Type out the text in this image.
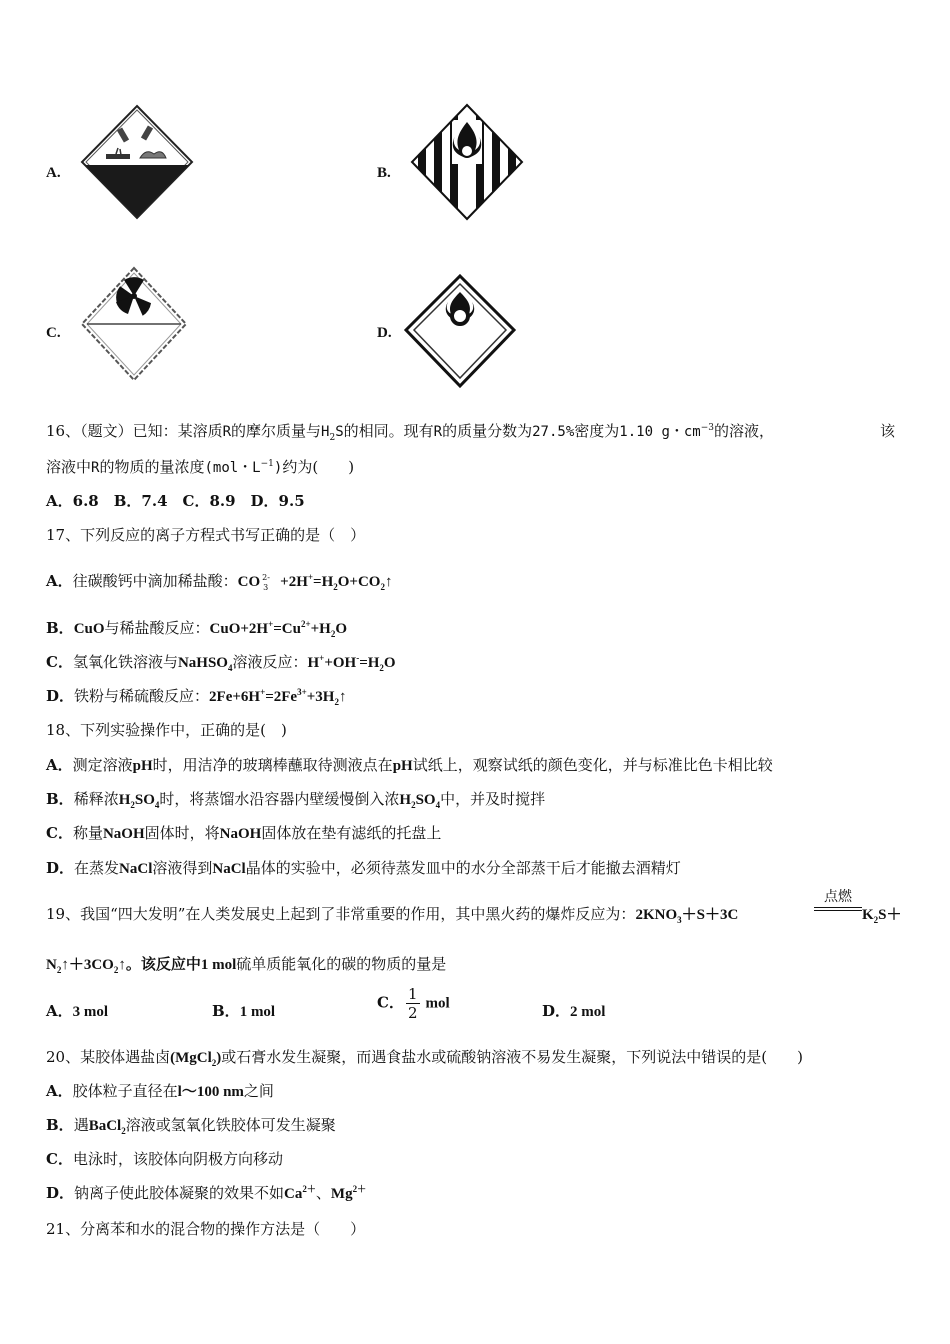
A.	B.
C.	D.
16、（题文）已知：某溶质R的摩尔质量与$H_2S$的相同。现有R的质量分数为27.5%密度为1.10 g・$cm^{-3}$的溶液，	该
溶液中R的物质的量浓度(mol・$L^{-1}$)约为(　　)
A．6.8　B．7.4　C．8.9　D．9.5
17、下列反应的离子方程式书写正确的是（　）
A．往碳酸钙中滴加稀盐酸：CO 2-
$3 +2H^+=H_2O+CO_2↑$
B．CuO与稀盐酸反应：$CuO+2H^+=Cu^{2+}+H_2O$
C．氢氧化铁溶液与NaHSO$_4$溶液反应：$H^++OH^-=H_2O$
D．铁粉与稀硫酸反应：$2Fe+6H^+=2Fe^{3+}+3H_2↑$
18、下列实验操作中，正确的是(　)
A．测定溶液pH时，用洁净的玻璃棒蘸取待测液点在pH试纸上，观察试纸的颜色变化，并与标准比色卡相比较
B．稀释浓$H_2SO_4$时，将蒸馏水沿容器内壁缓慢倒入浓$H_2SO_4$中，并及时搅拌
C．称量NaOH固体时，将NaOH固体放在垫有滤纸的托盘上
D．在蒸发NaCl溶液得到NaCl晶体的实验中，必须待蒸发皿中的水分全部蒸干后才能撤去酒精灯
19、我国“四大发明”在人类发展史上起到了非常重要的作用，其中黑火药的爆炸反应为：$2KNO_3+S+3C$
点燃
$K_2S+$
$N_2↑+3CO_2↑$。该反应中1 mol硫单质能氧化的碳的物质的量是
A．3 mol	B．1 mol
C． $\frac{1}{2}$ mol	D．2 mol
20、某胶体遇盐卤(MgCl$_2$)或石膏水发生凝聚，而遇食盐水或硫酸钠溶液不易发生凝聚，下列说法中错误的是(　　)
A．胶体粒子直径在l～100 nm之间
B．遇BaCl$_2$溶液或氢氧化铁胶体可发生凝聚
C．电泳时，该胶体向阴极方向移动
D．钠离子使此胶体凝聚的效果不如$Ca^{2+}$、$Mg^{2+}$
21、分离苯和水的混合物的操作方法是（　　）
